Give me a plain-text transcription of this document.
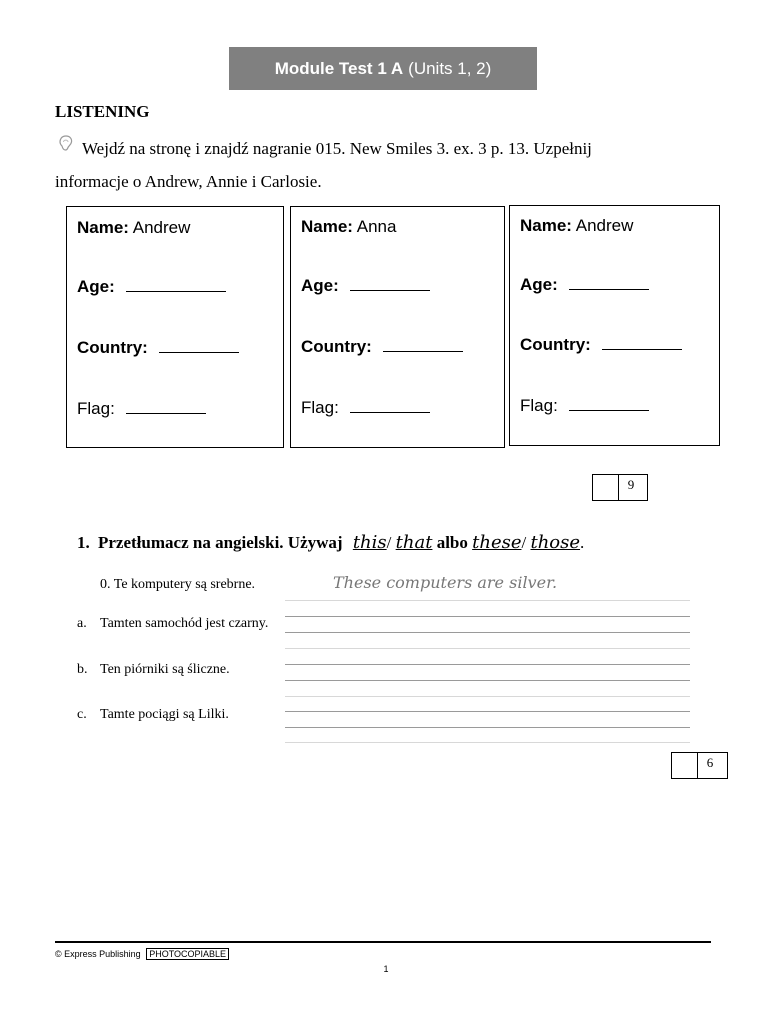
Module Test 1 A (Units 1, 2)
LISTENING
Wejdź na stronę i znajdź nagranie 015. New Smiles 3. ex. 3 p. 13. Uzpełnij
informacje o Andrew, Annie i Carlosie.
Name: Andrew
Age:
Country:
Flag:
Name: Anna
Age:
Country:
Flag:
Name: Andrew
Age:
Country:
Flag:
9
1. Przetłumacz na angielski. Używaj this/ that albo these/ those.
0. Te komputery są srebrne.	These computers are silver.
a. Tamten samochód jest czarny.
b. Ten piórniki są śliczne.
c. Tamte pociągi są Lilki.
6
© Express Publishing PHOTOCOPIABLE
1
